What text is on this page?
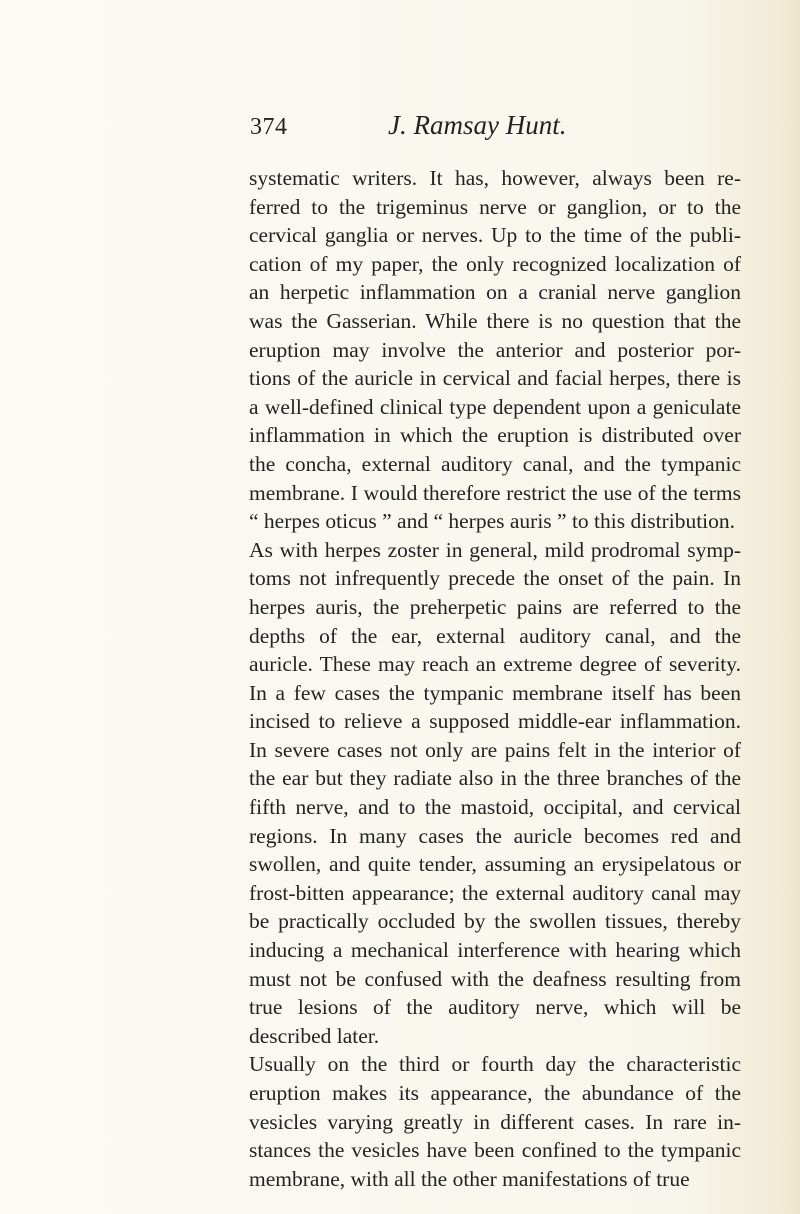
374	J. Ramsay Hunt.

systematic writers. It has, however, always been re- ferred to the trigeminus nerve or ganglion, or to the cervical ganglia or nerves. Up to the time of the publi- cation of my paper, the only recognized localization of an herpetic inflammation on a cranial nerve ganglion was the Gasserian. While there is no question that the eruption may involve the anterior and posterior por- tions of the auricle in cervical and facial herpes, there is a well-defined clinical type dependent upon a geniculate inflammation in which the eruption is distributed over the concha, external auditory canal, and the tympanic membrane. I would therefore restrict the use of the terms “ herpes oticus ” and “ herpes auris ” to this distribution.

As with herpes zoster in general, mild prodromal symp- toms not infrequently precede the onset of the pain. In herpes auris, the preherpetic pains are referred to the depths of the ear, external auditory canal, and the auricle. These may reach an extreme degree of severity. In a few cases the tympanic membrane itself has been incised to relieve a supposed middle-ear inflammation. In severe cases not only are pains felt in the interior of the ear but they radiate also in the three branches of the fifth nerve, and to the mastoid, occipital, and cervical regions. In many cases the auricle becomes red and swollen, and quite tender, assuming an erysipelatous or frost-bitten appearance; the external auditory canal may be practically occluded by the swollen tissues, thereby inducing a mechanical interference with hearing which must not be confused with the deafness resulting from true lesions of the auditory nerve, which will be described later.

Usually on the third or fourth day the characteristic eruption makes its appearance, the abundance of the vesicles varying greatly in different cases. In rare in- stances the vesicles have been confined to the tympanic membrane, with all the other manifestations of true
